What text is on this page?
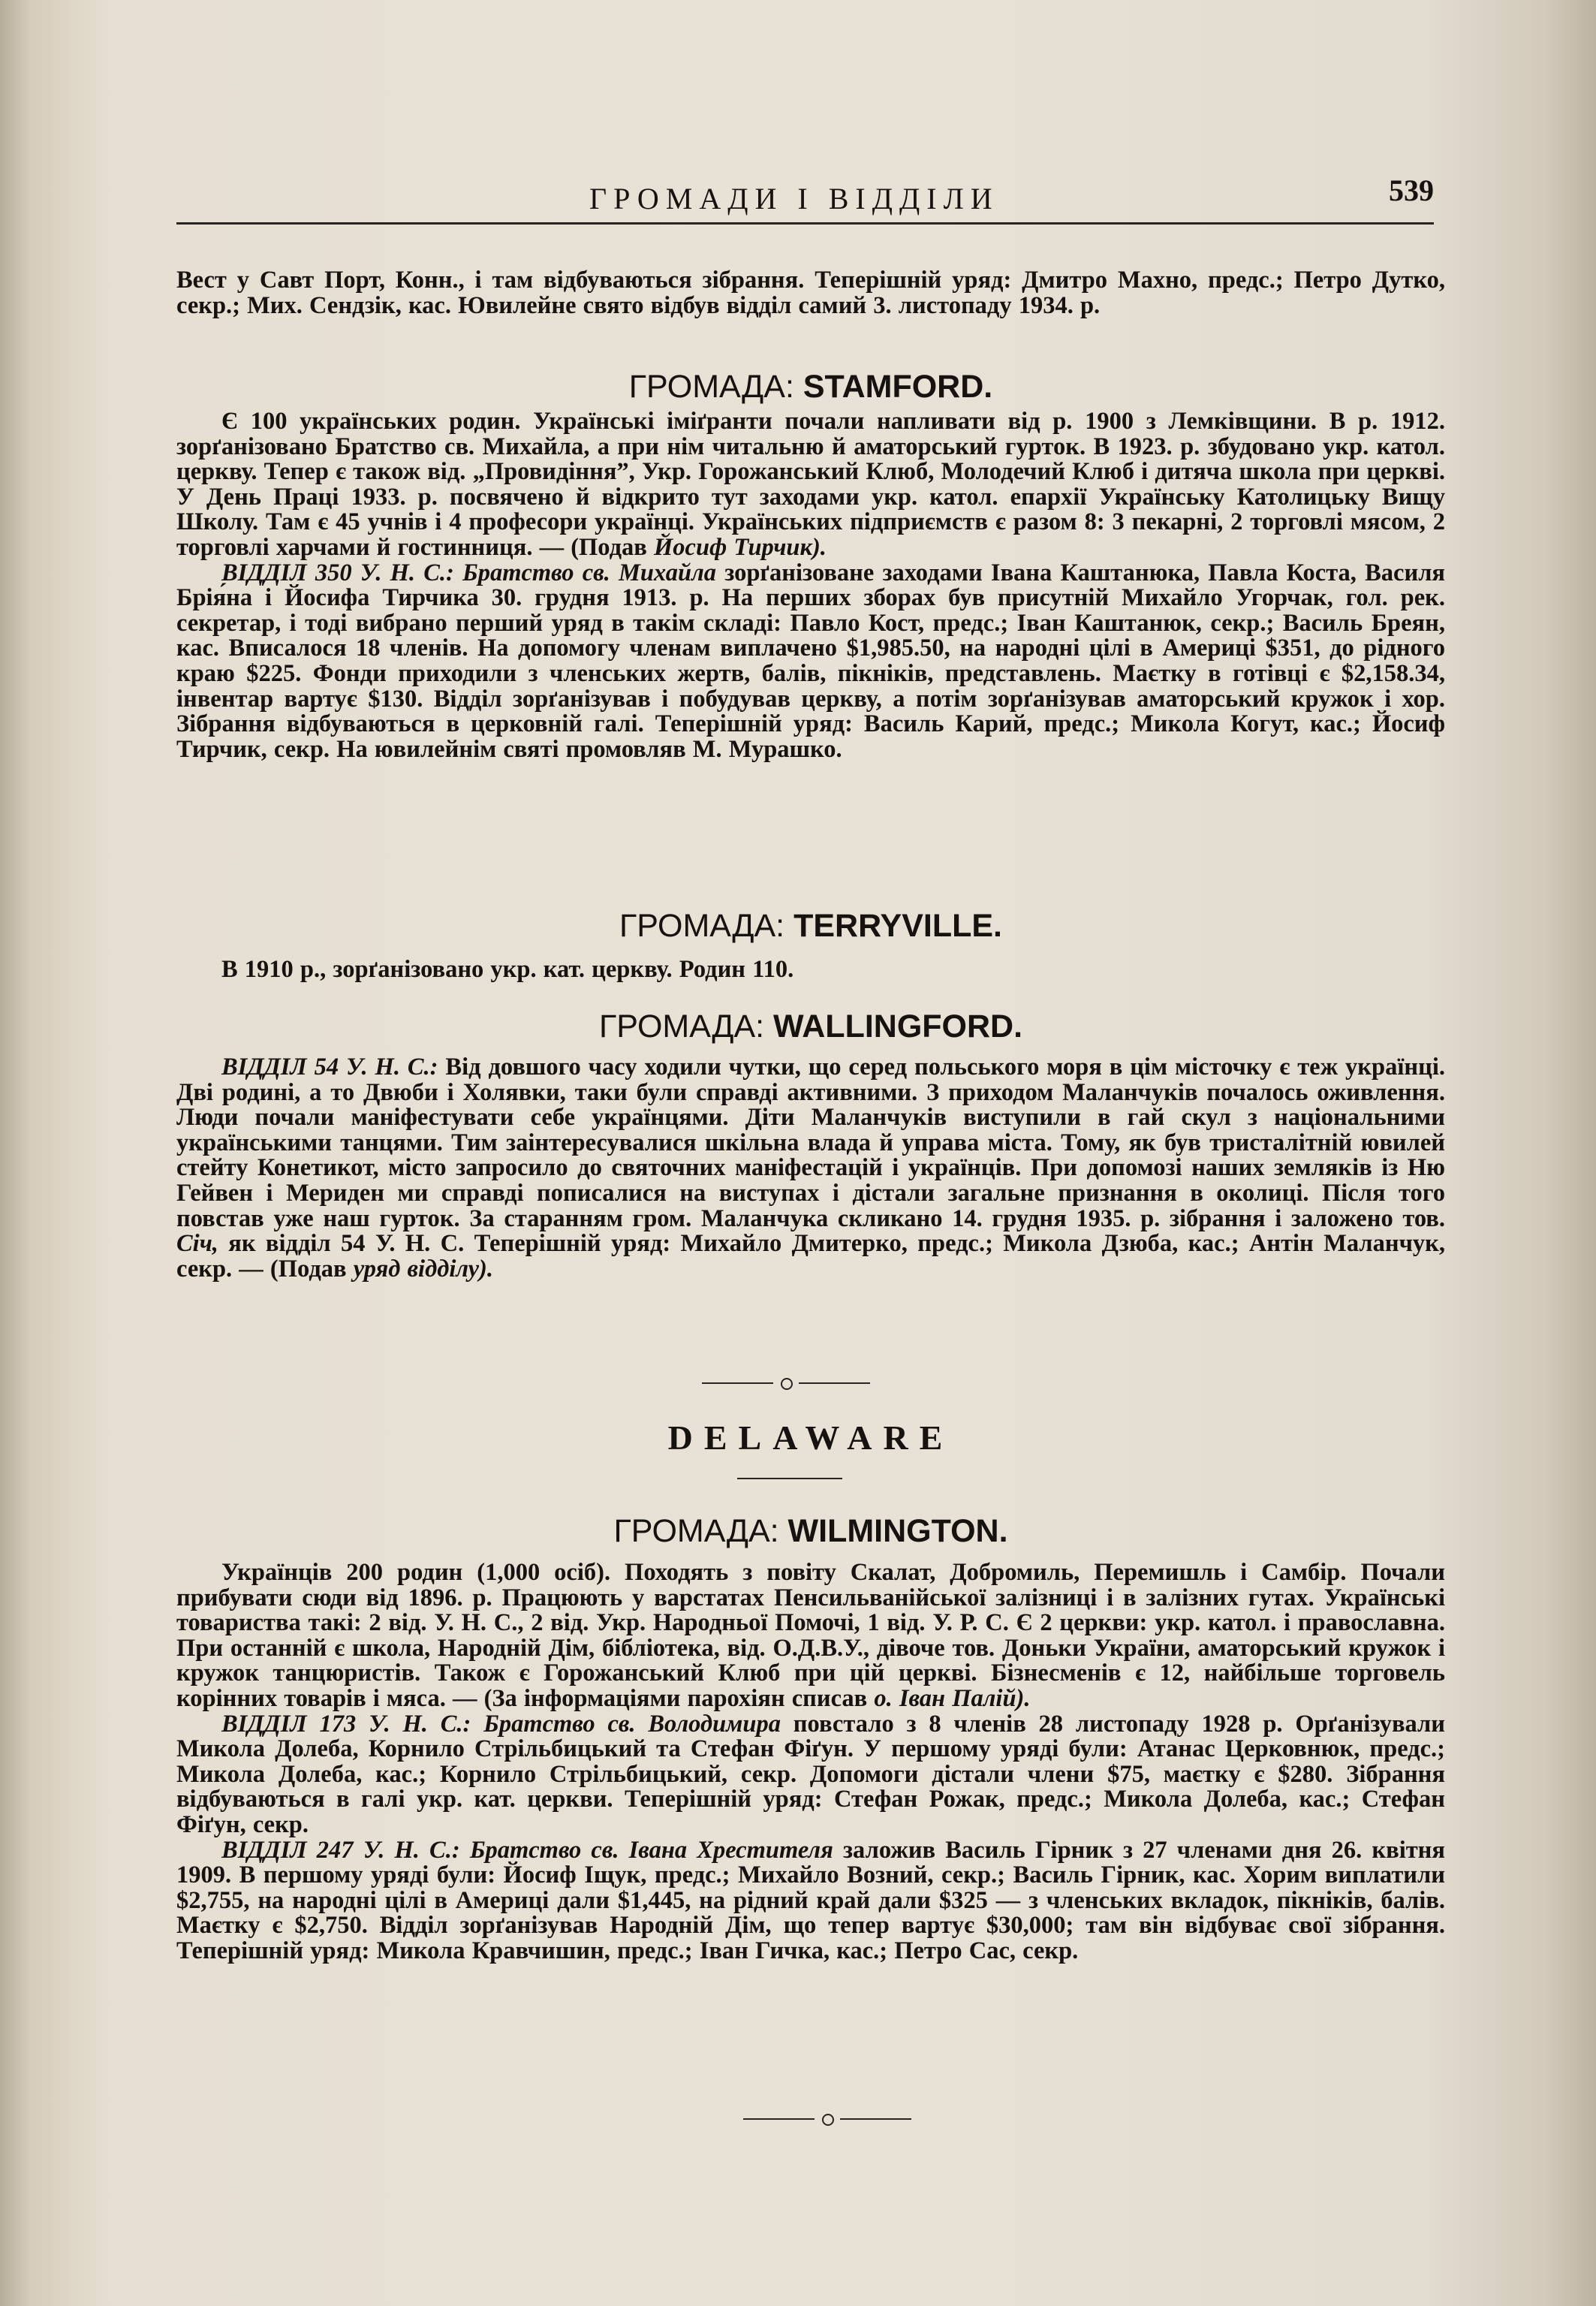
ГРОМАДИ І ВІДДІЛИ	539

Вест у Савт Порт, Конн., і там відбуваються зібрання. Теперішній уряд: Дмитро Махно, предс.; Петро Дутко, секр.; Мих. Сендзік, кас. Ювилейне свято відбув відділ самий 3. листопаду 1934. р.

ГРОМАДА: STAMFORD.

Є 100 українських родин. Українські іміґранти почали напливати від р. 1900 з Лемківщини. В р. 1912. зорґанізовано Братство св. Михайла, а при нім читальню й аматорський гурток. В 1923. р. збудовано укр. катол. церкву. Тепер є також від. „Провидіння”, Укр. Горожанський Клюб, Молодечий Клюб і дитяча школа при церкві. У День Праці 1933. р. посвячено й відкрито тут заходами укр. катол. епархії Українську Католицьку Вищу Школу. Там є 45 учнів і 4 професори українці. Українських підприємств є разом 8: 3 пекарні, 2 торговлі мясом, 2 торговлі харчами й гостинниця. — (Подав Йосиф Тирчик).

ВІДДІЛ 350 У. Н. С.: Братство св. Михайла зорґанізоване заходами Івана Каштанюка, Павла Коста, Василя Брія́на і Йосифа Тирчика 30. грудня 1913. р. На перших зборах був присутній Михайло Угорчак, гол. рек. секретар, і тоді вибрано перший уряд в такім складі: Павло Кост, предс.; Іван Каштанюк, секр.; Василь Бреян, кас. Вписалося 18 членів. На допомогу членам виплачено $1,985.50, на народні цілі в Америці $351, до рідного краю $225. Фонди приходили з членських жертв, балів, пікніків, представлень. Маєтку в готівці є $2,158.34, інвентар вартує $130. Відділ зорґанізував і побудував церкву, а потім зорґанізував аматорський кружок і хор. Зібрання відбуваються в церковній галі. Теперішній уряд: Василь Карий, предс.; Микола Когут, кас.; Йосиф Тирчик, секр. На ювилейнім святі промовляв М. Мурашко.

ГРОМАДА: TERRYVILLE.

В 1910 р., зорґанізовано укр. кат. церкву. Родин 110.

ГРОМАДА: WALLINGFORD.

ВІДДІЛ 54 У. Н. С.: Від довшого часу ходили чутки, що серед польського моря в цім місточку є теж українці. Дві родині, а то Двюби і Холявки, таки були справді активними. З приходом Маланчуків почалось оживлення. Люди почали маніфестувати себе українцями. Діти Маланчуків виступили в гай скул з національними українськими танцями. Тим заінтересувалися шкільна влада й управа міста. Тому, як був тристалітній ювилей стейту Конетикот, місто запросило до святочних маніфестацій і українців. При допомозі наших земляків із Ню Гейвен і Мериден ми справді пописалися на виступах і дістали загальне признання в околиці. Після того повстав уже наш гурток. За старанням гром. Маланчука скликано 14. грудня 1935. р. зібрання і заложено тов. Січ, як відділ 54 У. Н. С. Теперішній уряд: Михайло Дмитерко, предс.; Микола Дзюба, кас.; Антін Маланчук, секр. — (Подав уряд відділу).

DELAWARE
ГРОМАДА: WILMINGTON.

Українців 200 родин (1,000 осіб). Походять з повіту Скалат, Добромиль, Перемишль і Самбір. Почали прибувати сюди від 1896. р. Працюють у варстатах Пенсильванійської залізниці і в залізних гутах. Українські товариства такі: 2 від. У. Н. С., 2 від. Укр. Народньої Помочі, 1 від. У. Р. С. Є 2 церкви: укр. катол. і православна. При останній є школа, Народній Дім, бібліотека, від. О.Д.В.У., дівоче тов. Доньки України, аматорський кружок і кружок танцюристів. Також є Горожанський Клюб при цій церкві. Бізнесменів є 12, найбільше торговель корінних товарів і мяса. — (За інформаціями парохіян списав о. Іван Палій).

ВІДДІЛ 173 У. Н. С.: Братство св. Володимира повстало з 8 членів 28 листопаду 1928 р. Орґанізували Микола Долеба, Корнило Стрільбицький та Стефан Фіґун. У першому уряді були: Атанас Церковнюк, предс.; Микола Долеба, кас.; Корнило Стрільбицький, секр. Допомоги дістали члени $75, маєтку є $280. Зібрання відбуваються в галі укр. кат. церкви. Теперішній уряд: Стефан Рожак, предс.; Микола Долеба, кас.; Стефан Фіґун, секр.

ВІДДІЛ 247 У. Н. С.: Братство св. Івана Хрестителя заложив Василь Гірник з 27 членами дня 26. квітня 1909. В першому уряді були: Йосиф Іщук, предс.; Михайло Возний, секр.; Василь Гірник, кас. Хорим виплатили $2,755, на народні цілі в Америці дали $1,445, на рідний край дали $325 — з членських вкладок, пікніків, балів. Маєтку є $2,750. Відділ зорґанізував Народній Дім, що тепер вартує $30,000; там він відбуває свої зібрання. Теперішній уряд: Микола Кравчишин, предс.; Іван Гичка, кас.; Петро Сас, секр.
